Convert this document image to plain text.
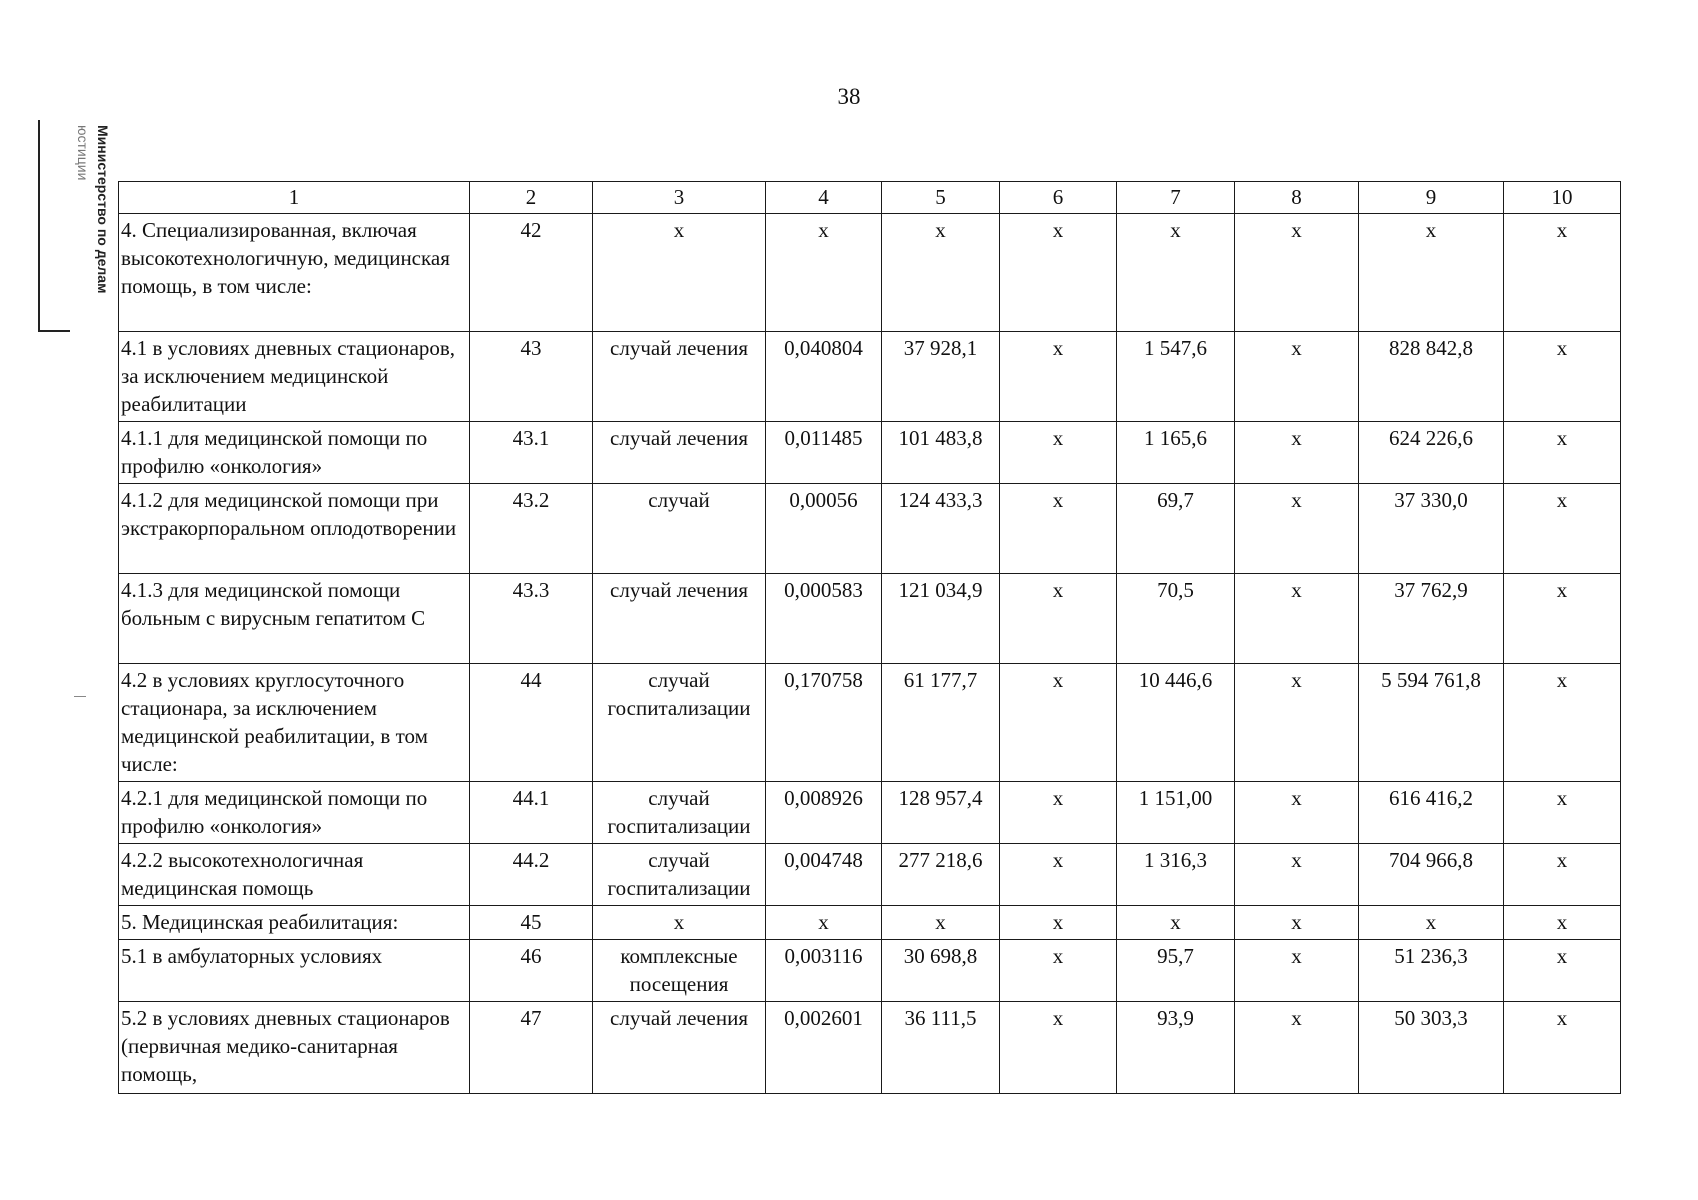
38
Министерство по делам
юстиции
1	2	3	4	5	6	7	8	9	10
4. Специализированная, включая высокотехнологичную, медицинская помощь, в том числе:	42	х	х	х	х	х	х	х	х
4.1 в условиях дневных стационаров, за исключением медицинской реабилитации	43	случай лечения	0,040804	37 928,1	х	1 547,6	х	828 842,8	х
4.1.1 для медицинской помощи по профилю «онкология»	43.1	случай лечения	0,011485	101 483,8	х	1 165,6	х	624 226,6	х
4.1.2 для медицинской помощи при экстракорпоральном оплодотворении	43.2	случай	0,00056	124 433,3	х	69,7	х	37 330,0	х
4.1.3 для медицинской помощи больным с вирусным гепатитом С	43.3	случай лечения	0,000583	121 034,9	х	70,5	х	37 762,9	х
4.2 в условиях круглосуточного стационара, за исключением медицинской реабилитации, в том числе:	44	случай госпитализации	0,170758	61 177,7	х	10 446,6	х	5 594 761,8	х
4.2.1 для медицинской помощи по профилю «онкология»	44.1	случай госпитализации	0,008926	128 957,4	х	1 151,00	х	616 416,2	х
4.2.2 высокотехнологичная медицинская помощь	44.2	случай госпитализации	0,004748	277 218,6	х	1 316,3	х	704 966,8	х
5. Медицинская реабилитация:	45	х	х	х	х	х	х	х	х
5.1 в амбулаторных условиях	46	комплексные посещения	0,003116	30 698,8	х	95,7	х	51 236,3	х
5.2 в условиях дневных стационаров (первичная медико-санитарная помощь,	47	случай лечения	0,002601	36 111,5	х	93,9	х	50 303,3	х
